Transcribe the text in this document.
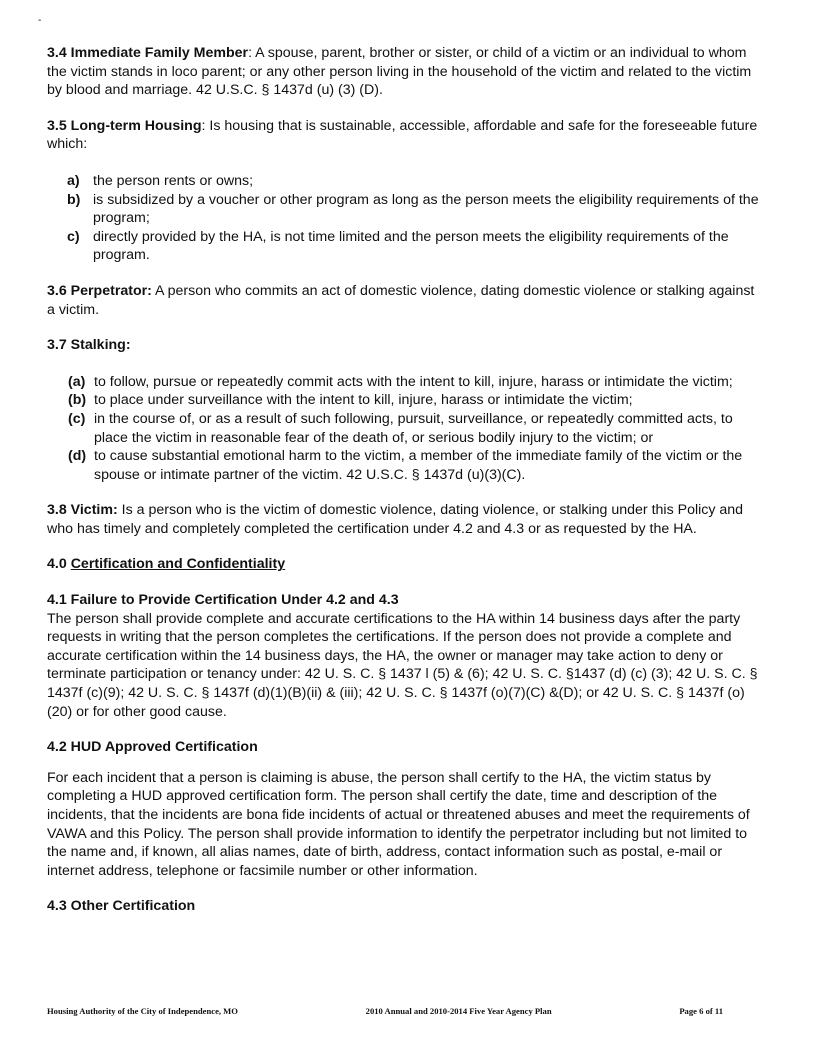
-

3.4 Immediate Family Member: A spouse, parent, brother or sister, or child of a victim or an individual to whom the victim stands in loco parent; or any other person living in the household of the victim and related to the victim by blood and marriage. 42 U.S.C. § 1437d (u) (3) (D).

3.5 Long-term Housing: Is housing that is sustainable, accessible, affordable and safe for the foreseeable future which:

a) the person rents or owns;
b) is subsidized by a voucher or other program as long as the person meets the eligibility requirements of the program;
c) directly provided by the HA, is not time limited and the person meets the eligibility requirements of the program.

3.6 Perpetrator: A person who commits an act of domestic violence, dating domestic violence or stalking against a victim.

3.7 Stalking:

(a) to follow, pursue or repeatedly commit acts with the intent to kill, injure, harass or intimidate the victim;
(b) to place under surveillance with the intent to kill, injure, harass or intimidate the victim;
(c) in the course of, or as a result of such following, pursuit, surveillance, or repeatedly committed acts, to place the victim in reasonable fear of the death of, or serious bodily injury to the victim; or
(d) to cause substantial emotional harm to the victim, a member of the immediate family of the victim or the spouse or intimate partner of the victim. 42 U.S.C. § 1437d (u)(3)(C).

3.8 Victim: Is a person who is the victim of domestic violence, dating violence, or stalking under this Policy and who has timely and completely completed the certification under 4.2 and 4.3 or as requested by the HA.

4.0 Certification and Confidentiality

4.1 Failure to Provide Certification Under 4.2 and 4.3

The person shall provide complete and accurate certifications to the HA within 14 business days after the party requests in writing that the person completes the certifications. If the person does not provide a complete and accurate certification within the 14 business days, the HA, the owner or manager may take action to deny or terminate participation or tenancy under: 42 U. S. C. § 1437 l (5) & (6); 42 U. S. C. §1437 (d) (c) (3); 42 U. S. C. § 1437f (c)(9); 42 U. S. C. § 1437f (d)(1)(B)(ii) & (iii); 42 U. S. C. § 1437f (o)(7)(C) &(D); or 42 U. S. C. § 1437f (o)(20) or for other good cause.

4.2 HUD Approved Certification

For each incident that a person is claiming is abuse, the person shall certify to the HA, the victim status by completing a HUD approved certification form. The person shall certify the date, time and description of the incidents, that the incidents are bona fide incidents of actual or threatened abuses and meet the requirements of VAWA and this Policy. The person shall provide information to identify the perpetrator including but not limited to the name and, if known, all alias names, date of birth, address, contact information such as postal, e-mail or internet address, telephone or facsimile number or other information.

4.3 Other Certification

Housing Authority of the City of Independence, MO	2010 Annual and 2010-2014 Five Year Agency Plan	Page 6 of 11
